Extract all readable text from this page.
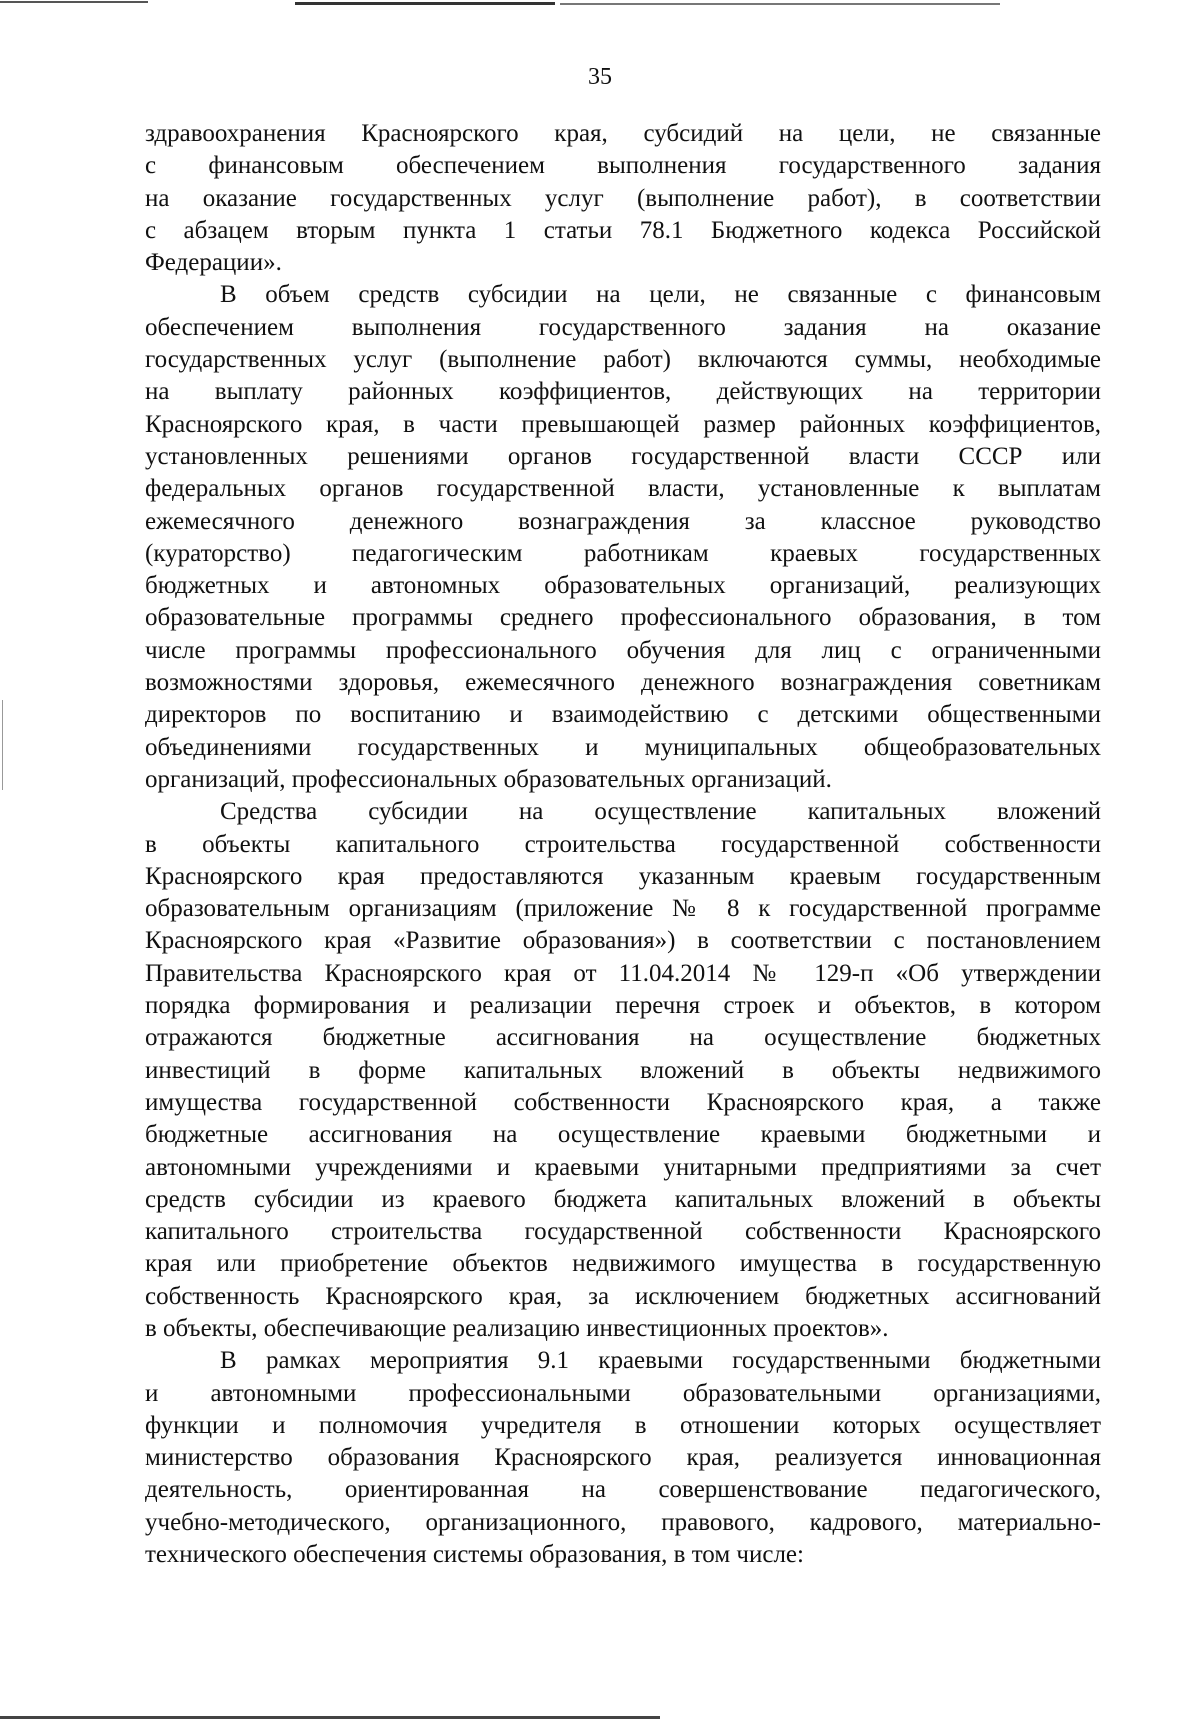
35
здравоохранения Красноярского края, субсидий на цели, не связанные
с финансовым обеспечением выполнения государственного задания
на оказание государственных услуг (выполнение работ), в соответствии
с абзацем вторым пункта 1 статьи 78.1 Бюджетного кодекса Российской
Федерации».
В объем средств субсидии на цели, не связанные с финансовым
обеспечением выполнения государственного задания на оказание
государственных услуг (выполнение работ) включаются суммы, необходимые
на выплату районных коэффициентов, действующих на территории
Красноярского края, в части превышающей размер районных коэффициентов,
установленных решениями органов государственной власти СССР или
федеральных органов государственной власти, установленные к выплатам
ежемесячного денежного вознаграждения за классное руководство
(кураторство) педагогическим работникам краевых государственных
бюджетных и автономных образовательных организаций, реализующих
образовательные программы среднего профессионального образования, в том
числе программы профессионального обучения для лиц с ограниченными
возможностями здоровья, ежемесячного денежного вознаграждения советникам
директоров по воспитанию и взаимодействию с детскими общественными
объединениями государственных и муниципальных общеобразовательных
организаций, профессиональных образовательных организаций.
Средства субсидии на осуществление капитальных вложений
в объекты капитального строительства государственной собственности
Красноярского края предоставляются указанным краевым государственным
образовательным организациям (приложение № 8 к государственной программе
Красноярского края «Развитие образования») в соответствии с постановлением
Правительства Красноярского края от 11.04.2014 № 129-п «Об утверждении
порядка формирования и реализации перечня строек и объектов, в котором
отражаются бюджетные ассигнования на осуществление бюджетных
инвестиций в форме капитальных вложений в объекты недвижимого
имущества государственной собственности Красноярского края, а также
бюджетные ассигнования на осуществление краевыми бюджетными и
автономными учреждениями и краевыми унитарными предприятиями за счет
средств субсидии из краевого бюджета капитальных вложений в объекты
капитального строительства государственной собственности Красноярского
края или приобретение объектов недвижимого имущества в государственную
собственность Красноярского края, за исключением бюджетных ассигнований
в объекты, обеспечивающие реализацию инвестиционных проектов».
В рамках мероприятия 9.1 краевыми государственными бюджетными
и автономными профессиональными образовательными организациями,
функции и полномочия учредителя в отношении которых осуществляет
министерство образования Красноярского края, реализуется инновационная
деятельность, ориентированная на совершенствование педагогического,
учебно-методического, организационного, правового, кадрового, материально-
технического обеспечения системы образования, в том числе:
